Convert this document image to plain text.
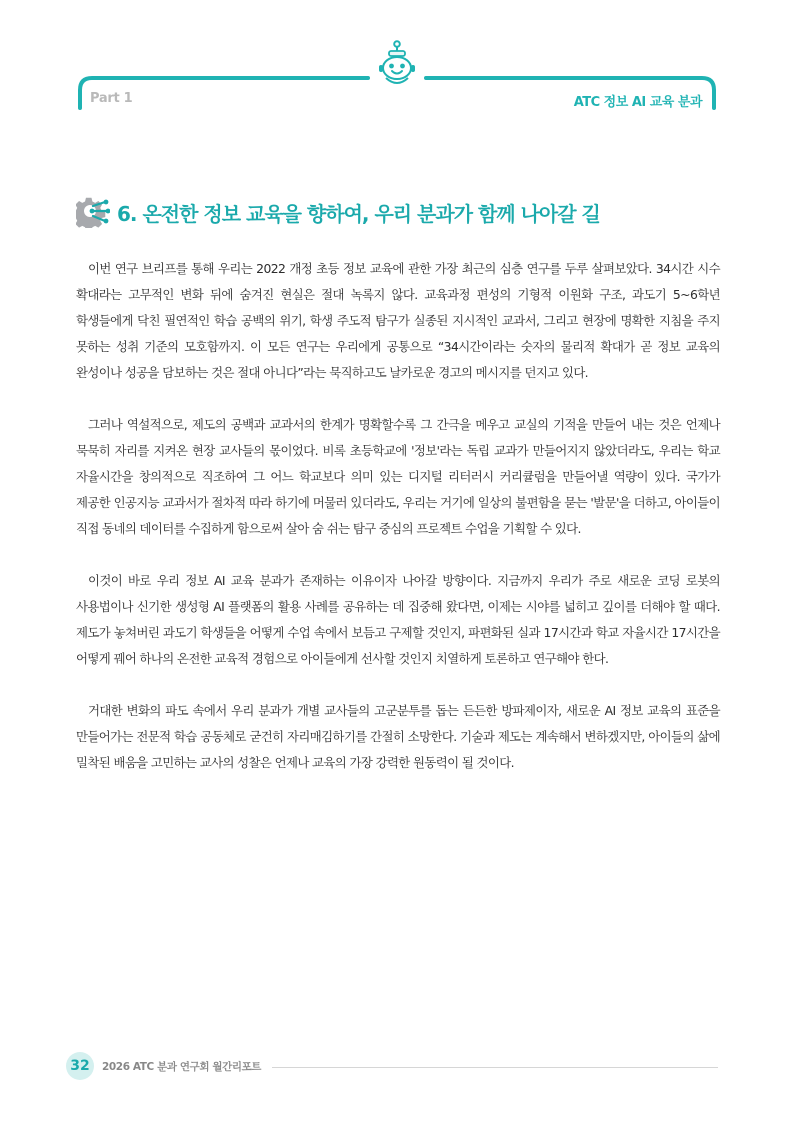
Part 1	ATC 정보 AI 교육 분과
6. 온전한 정보 교육을 향하여, 우리 분과가 함께 나아갈 길

이번 연구 브리프를 통해 우리는 2022 개정 초등 정보 교육에 관한 가장 최근의 심층 연구를 두루 살펴보았다. 34시간 시수 확대라는 고무적인 변화 뒤에 숨겨진 현실은 절대 녹록지 않다. 교육과정 편성의 기형적 이원화 구조, 과도기 5~6학년 학생들에게 닥친 필연적인 학습 공백의 위기, 학생 주도적 탐구가 실종된 지시적인 교과서, 그리고 현장에 명확한 지침을 주지 못하는 성취 기준의 모호함까지. 이 모든 연구는 우리에게 공통으로 “34시간이라는 숫자의 물리적 확대가 곧 정보 교육의 완성이나 성공을 담보하는 것은 절대 아니다”라는 묵직하고도 날카로운 경고의 메시지를 던지고 있다.

그러나 역설적으로, 제도의 공백과 교과서의 한계가 명확할수록 그 간극을 메우고 교실의 기적을 만들어 내는 것은 언제나 묵묵히 자리를 지켜온 현장 교사들의 몫이었다. 비록 초등학교에 '정보'라는 독립 교과가 만들어지지 않았더라도, 우리는 학교 자율시간을 창의적으로 직조하여 그 어느 학교보다 의미 있는 디지털 리터러시 커리큘럼을 만들어낼 역량이 있다. 국가가 제공한 인공지능 교과서가 절차적 따라 하기에 머물러 있더라도, 우리는 거기에 일상의 불편함을 묻는 '발문'을 더하고, 아이들이 직접 동네의 데이터를 수집하게 함으로써 살아 숨 쉬는 탐구 중심의 프로젝트 수업을 기획할 수 있다.

이것이 바로 우리 정보 AI 교육 분과가 존재하는 이유이자 나아갈 방향이다. 지금까지 우리가 주로 새로운 코딩 로봇의 사용법이나 신기한 생성형 AI 플랫폼의 활용 사례를 공유하는 데 집중해 왔다면, 이제는 시야를 넓히고 깊이를 더해야 할 때다. 제도가 놓쳐버린 과도기 학생들을 어떻게 수업 속에서 보듬고 구제할 것인지, 파편화된 실과 17시간과 학교 자율시간 17시간을 어떻게 꿰어 하나의 온전한 교육적 경험으로 아이들에게 선사할 것인지 치열하게 토론하고 연구해야 한다.

거대한 변화의 파도 속에서 우리 분과가 개별 교사들의 고군분투를 돕는 든든한 방파제이자, 새로운 AI 정보 교육의 표준을 만들어가는 전문적 학습 공동체로 굳건히 자리매김하기를 간절히 소망한다. 기술과 제도는 계속해서 변하겠지만, 아이들의 삶에 밀착된 배움을 고민하는 교사의 성찰은 언제나 교육의 가장 강력한 원동력이 될 것이다.

32	2026 ATC 분과 연구회 월간리포트
